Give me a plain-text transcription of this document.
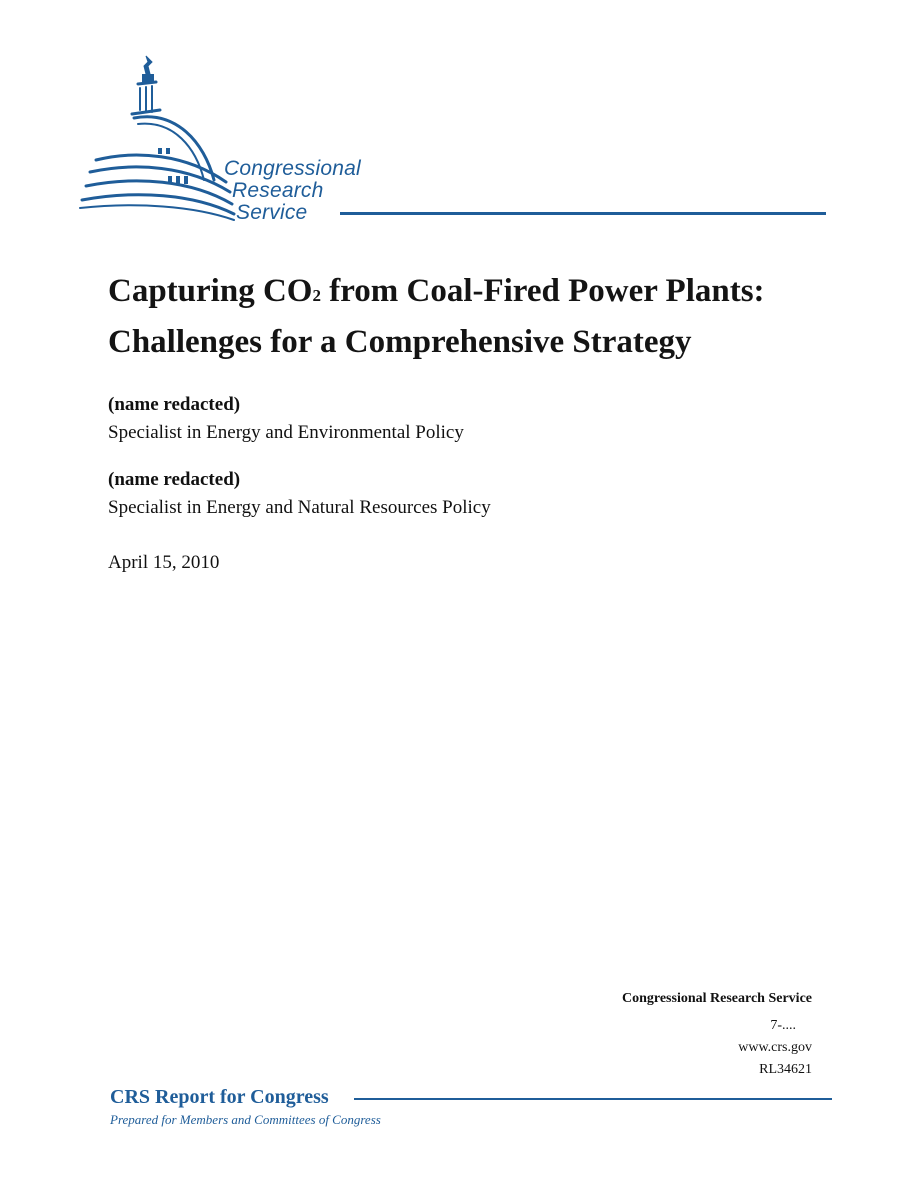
Congressional
Research
Service
Capturing CO2 from Coal-Fired Power Plants:
Challenges for a Comprehensive Strategy
(name redacted)
Specialist in Energy and Environmental Policy
(name redacted)
Specialist in Energy and Natural Resources Policy
April 15, 2010
Congressional Research Service
7-....
www.crs.gov
RL34621
CRS Report for Congress
Prepared for Members and Committees of Congress
